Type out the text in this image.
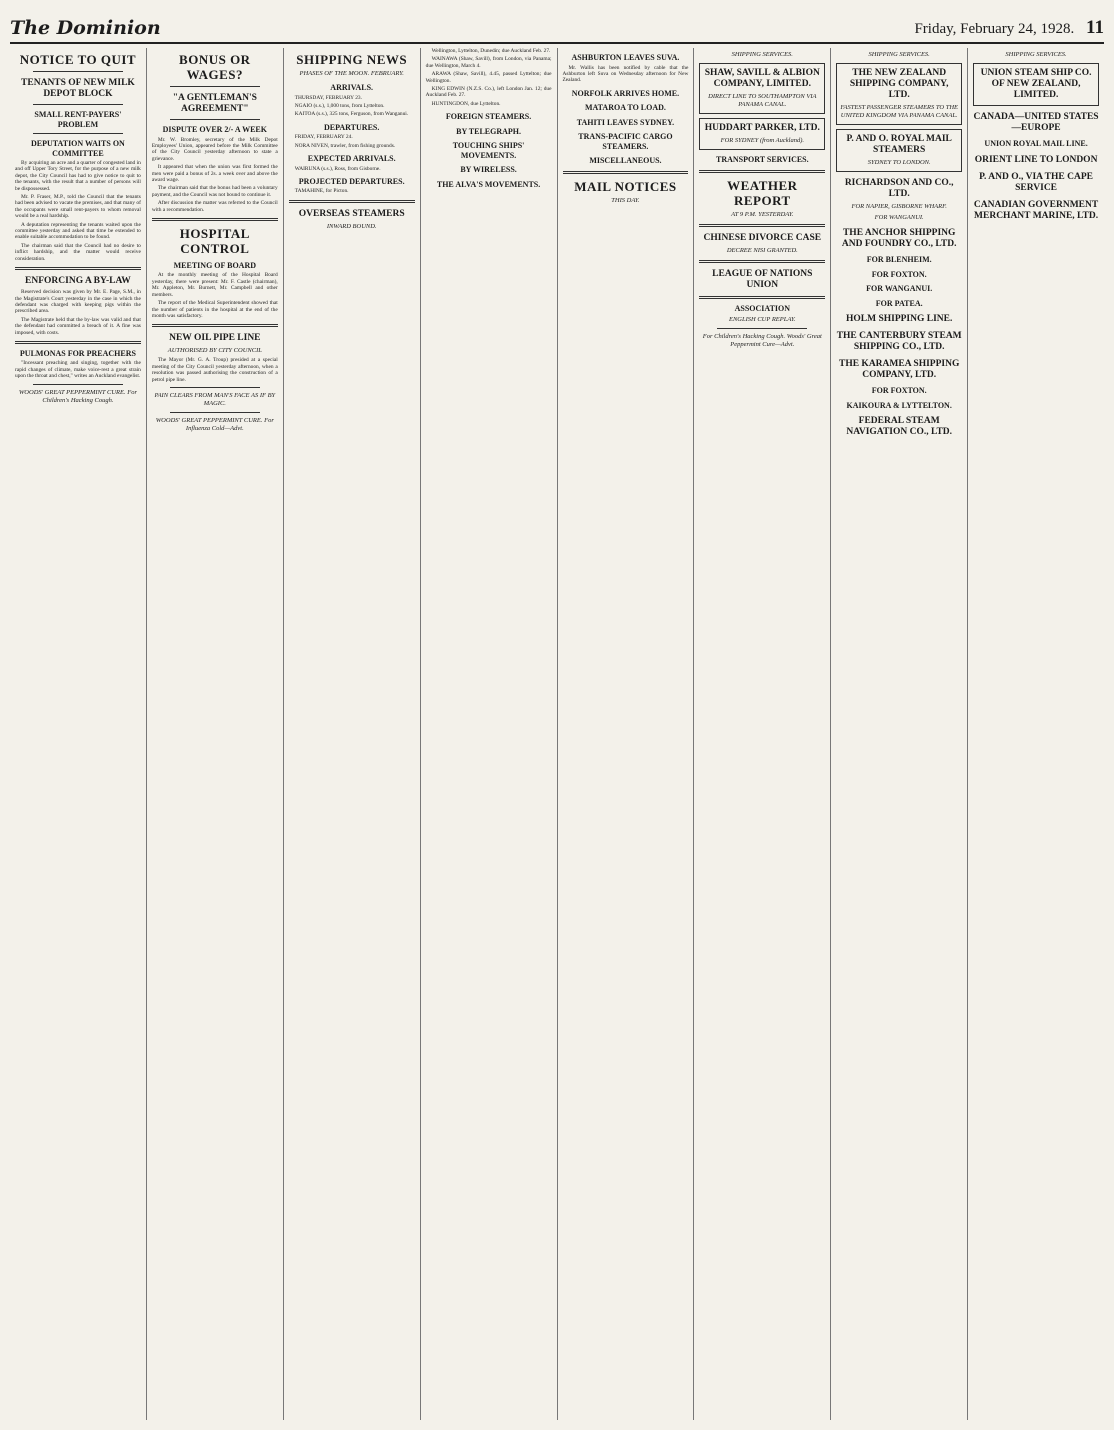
The Dominion	Friday, February 24, 1928. 11
NOTICE TO QUIT
TENANTS OF NEW MILK DEPOT BLOCK
SMALL RENT-PAYERS' PROBLEM
DEPUTATION WAITS ON COMMITTEE
By acquiring an acre and a quarter of congested land in and off Upper Tory Street, for the purpose of a new milk depot, the City Council has had to give notice to quit to the tenants, with the result that a number of persons will be dispossessed.
Mr. P. Fraser, M.P., told the Council that the tenants had been advised to vacate the premises, and that many of the occupants were small rent-payers to whom removal would be a real hardship.
A deputation representing the tenants waited upon the committee yesterday and asked that time be extended to enable suitable accommodation to be found.
The chairman said that the Council had no desire to inflict hardship, and the matter would receive consideration.
ENFORCING A BY-LAW
Reserved decision was given by Mr. E. Page, S.M., in the Magistrate's Court yesterday in the case in which the defendant was charged with keeping pigs within the prescribed area.
The Magistrate held that the by-law was valid and that the defendant had committed a breach of it. A fine was imposed, with costs.
PULMONAS FOR PREACHERS
"Incessant preaching and singing, together with the rapid changes of climate, make voice-rest a great strain upon the throat and chest," writes an Auckland evangelist.
WOODS' GREAT PEPPERMINT CURE. For Children's Hacking Cough.
BONUS OR WAGES?
"A GENTLEMAN'S AGREEMENT"
DISPUTE OVER 2/- A WEEK
Mr. W. Bromley, secretary of the Milk Depot Employees' Union, appeared before the Milk Committee of the City Council yesterday afternoon to state a grievance.
It appeared that when the union was first formed the men were paid a bonus of 2s. a week over and above the award wage.
The chairman said that the bonus had been a voluntary payment, and the Council was not bound to continue it.
After discussion the matter was referred to the Council with a recommendation.
HOSPITAL CONTROL
MEETING OF BOARD
At the monthly meeting of the Hospital Board yesterday, there were present: Mr. F. Castle (chairman), Mr. Appleton, Mr. Burnett, Mr. Campbell and other members.
The report of the Medical Superintendent showed that the number of patients in the hospital at the end of the month was satisfactory.
NEW OIL PIPE LINE
AUTHORISED BY CITY COUNCIL
The Mayor (Mr. G. A. Troup) presided at a special meeting of the City Council yesterday afternoon, when a resolution was passed authorising the construction of a petrol pipe line.
PAIN CLEARS FROM MAN'S FACE AS IF BY MAGIC.
WOODS' GREAT PEPPERMINT CURE. For Influenza Cold—Advt.
SHIPPING NEWS
PHASES OF THE MOON. FEBRUARY.
ARRIVALS.
THURSDAY, FEBRUARY 23.
NGAIO (s.s.), 1,000 tons, from Lyttelton.
KAITOA (s.s.), 325 tons, Ferguson, from Wanganui.
DEPARTURES.
FRIDAY, FEBRUARY 24.
NORA NIVEN, trawler, from fishing grounds.
EXPECTED ARRIVALS.
WAIRUNA (s.s.), Ross, from Gisborne.
PROJECTED DEPARTURES.
TAMAHINE, for Picton.
OVERSEAS STEAMERS
INWARD BOUND.
Wellington, Lyttelton, Dunedin; due Auckland Feb. 27.
WAINAWA (Shaw, Savill), from London, via Panama; due Wellington, March 4.
ARAWA (Shaw, Savill), 4.45, passed Lyttelton; due Wellington.
KING EDWIN (N.Z.S. Co.), left London Jan. 12; due Auckland Feb. 27.
HUNTINGDON, due Lyttelton.
FOREIGN STEAMERS.
BY TELEGRAPH.
TOUCHING SHIPS' MOVEMENTS.
BY WIRELESS.
THE ALVA'S MOVEMENTS.
ASHBURTON LEAVES SUVA.
Mr. Wallis has been notified by cable that the Ashburton left Suva on Wednesday afternoon for New Zealand.
NORFOLK ARRIVES HOME.
MATAROA TO LOAD.
TAHITI LEAVES SYDNEY.
TRANS-PACIFIC CARGO STEAMERS.
MISCELLANEOUS.
MAIL NOTICES
THIS DAY.
SHIPPING SERVICES.
SHAW, SAVILL & ALBION COMPANY, LIMITED.
DIRECT LINE TO SOUTHAMPTON VIA PANAMA CANAL.
HUDDART PARKER, LTD.
FOR SYDNEY (from Auckland).
TRANSPORT SERVICES.
WEATHER REPORT
AT 9 P.M. YESTERDAY.
CHINESE DIVORCE CASE
DECREE NISI GRANTED.
LEAGUE OF NATIONS UNION
ASSOCIATION
ENGLISH CUP REPLAY.
For Children's Hacking Cough. Woods' Great Peppermint Cure—Advt.
SHIPPING SERVICES.
THE NEW ZEALAND SHIPPING COMPANY, LTD.
FASTEST PASSENGER STEAMERS TO THE UNITED KINGDOM VIA PANAMA CANAL.
P. AND O. ROYAL MAIL STEAMERS
SYDNEY TO LONDON.
RICHARDSON AND CO., LTD.
FOR NAPIER, GISBORNE WHARF.
FOR WANGANUI.
THE ANCHOR SHIPPING AND FOUNDRY CO., LTD.
FOR BLENHEIM.
FOR FOXTON.
FOR WANGANUI.
FOR PATEA.
HOLM SHIPPING LINE.
THE CANTERBURY STEAM SHIPPING CO., LTD.
THE KARAMEA SHIPPING COMPANY, LTD.
FOR FOXTON.
KAIKOURA & LYTTELTON.
FEDERAL STEAM NAVIGATION CO., LTD.
SHIPPING SERVICES.
UNION STEAM SHIP CO. OF NEW ZEALAND, LIMITED.
CANADA—UNITED STATES—EUROPE
UNION ROYAL MAIL LINE.
ORIENT LINE TO LONDON
P. AND O., VIA THE CAPE SERVICE
CANADIAN GOVERNMENT MERCHANT MARINE, LTD.
